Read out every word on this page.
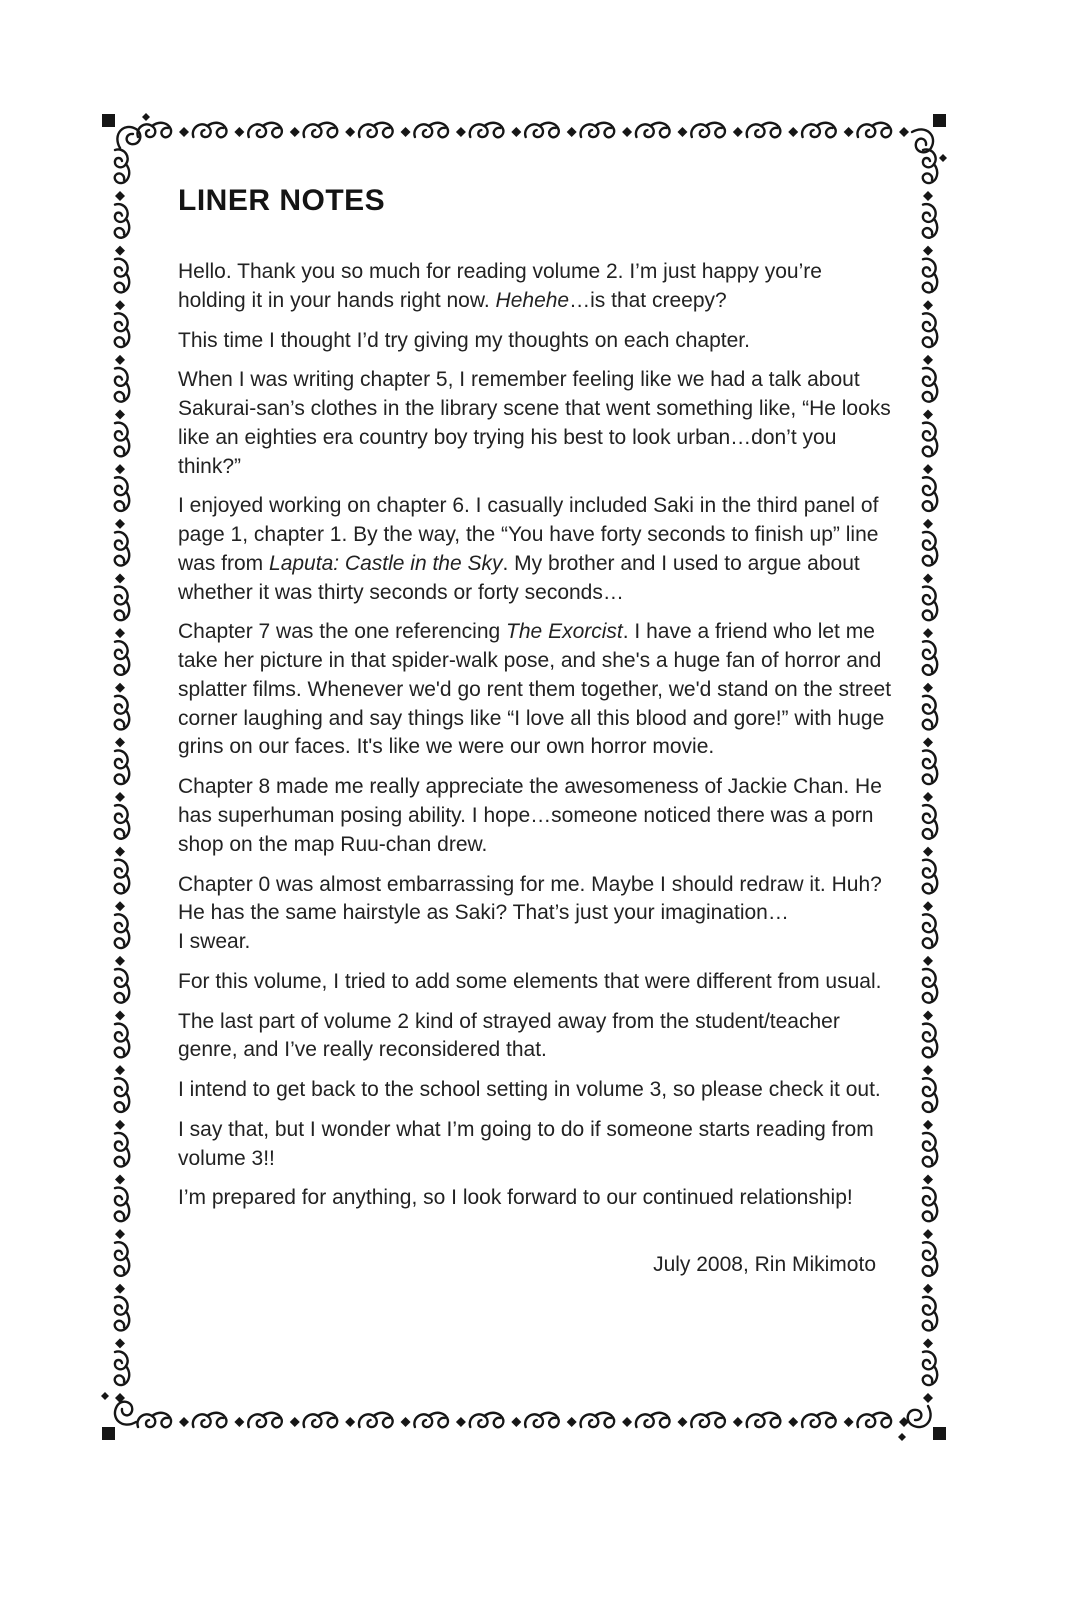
LINER NOTES

Hello. Thank you so much for reading volume 2. I’m just happy you’re holding it in your hands right now. Hehehe…is that creepy?

This time I thought I’d try giving my thoughts on each chapter.

When I was writing chapter 5, I remember feeling like we had a talk about Sakurai-san’s clothes in the library scene that went something like, “He looks like an eighties era country boy trying his best to look urban…don’t you think?”

I enjoyed working on chapter 6. I casually included Saki in the third panel of page 1, chapter 1. By the way, the “You have forty seconds to finish up” line was from Laputa: Castle in the Sky. My brother and I used to argue about whether it was thirty seconds or forty seconds…

Chapter 7 was the one referencing The Exorcist. I have a friend who let me take her picture in that spider-walk pose, and she's a huge fan of horror and splatter films. Whenever we'd go rent them together, we'd stand on the street corner laughing and say things like “I love all this blood and gore!” with huge grins on our faces. It's like we were our own horror movie.

Chapter 8 made me really appreciate the awesomeness of Jackie Chan. He has superhuman posing ability. I hope…someone noticed there was a porn shop on the map Ruu-chan drew.

Chapter 0 was almost embarrassing for me. Maybe I should redraw it. Huh? He has the same hairstyle as Saki? That’s just your imagination…
I swear.

For this volume, I tried to add some elements that were different from usual.

The last part of volume 2 kind of strayed away from the student/teacher genre, and I’ve really reconsidered that.

I intend to get back to the school setting in volume 3, so please check it out.

I say that, but I wonder what I’m going to do if someone starts reading from volume 3!!

I’m prepared for anything, so I look forward to our continued relationship!

July 2008, Rin Mikimoto
